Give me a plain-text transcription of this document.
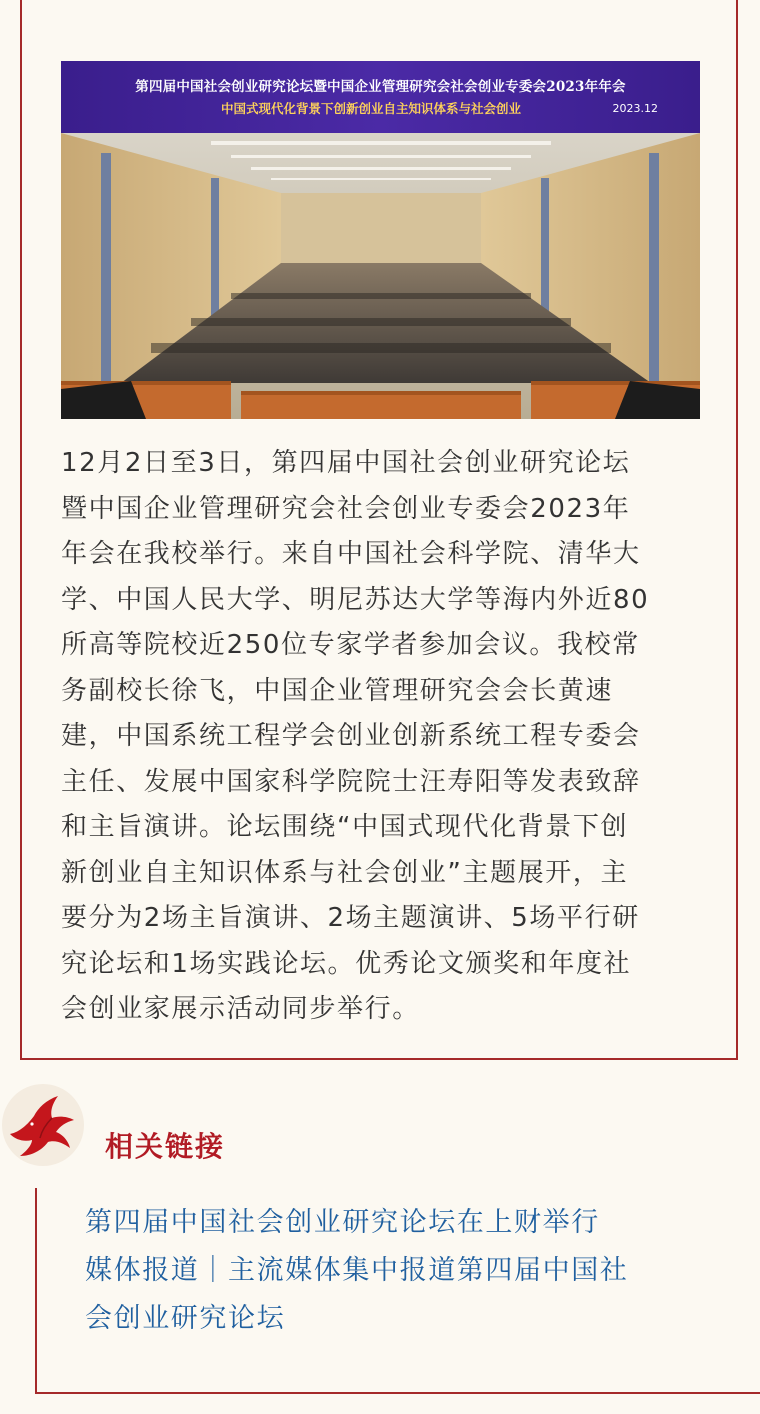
第四届中国社会创业研究论坛暨中国企业管理研究会社会创业专委会2023年年会
中国式现代化背景下创新创业自主知识体系与社会创业	2023.12

12月2日至3日，第四届中国社会创业研究论坛

暨中国企业管理研究会社会创业专委会2023年

年会在我校举行。来自中国社会科学院、清华大

学、中国人民大学、明尼苏达大学等海内外近80

所高等院校近250位专家学者参加会议。我校常

务副校长徐飞，中国企业管理研究会会长黄速

建，中国系统工程学会创业创新系统工程专委会

主任、发展中国家科学院院士汪寿阳等发表致辞

和主旨演讲。论坛围绕“中国式现代化背景下创

新创业自主知识体系与社会创业”主题展开，主

要分为2场主旨演讲、2场主题演讲、5场平行研

究论坛和1场实践论坛。优秀论文颁奖和年度社

会创业家展示活动同步举行。

相关链接
第四届中国社会创业研究论坛在上财举行
媒体报道｜主流媒体集中报道第四届中国社
会创业研究论坛
